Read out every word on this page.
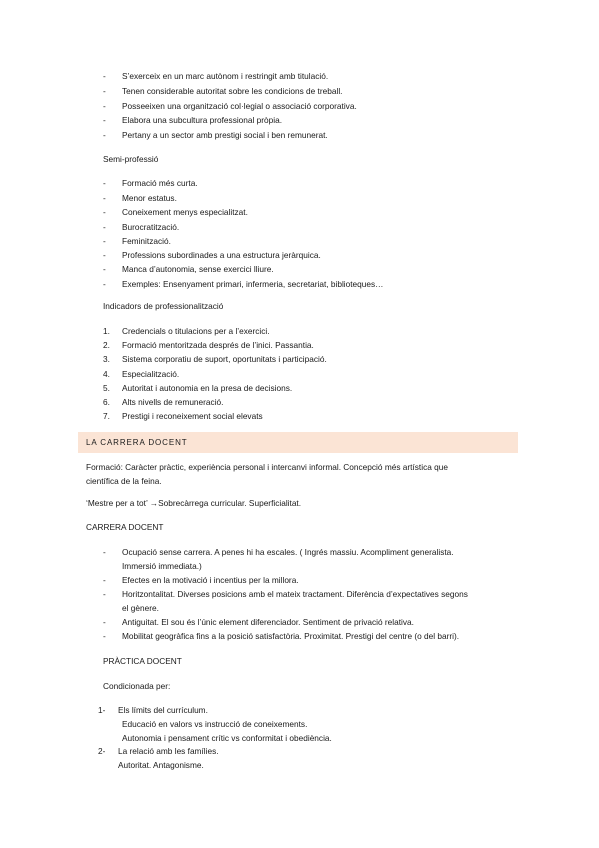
- S’exerceix en un marc autònom i restringit amb titulació.
- Tenen considerable autoritat sobre les condicions de treball.
- Posseeixen una organització col·legial o associació corporativa.
- Elabora una subcultura professional pròpia.
- Pertany a un sector amb prestigi social i ben remunerat.
Semi-professió
- Formació més curta.
- Menor estatus.
- Coneixement menys especialitzat.
- Burocratització.
- Feminització.
- Professions subordinades a una estructura jeràrquica.
- Manca d’autonomia, sense exercici lliure.
- Exemples: Ensenyament primari, infermeria, secretariat, biblioteques…
Indicadors de professionalització
1. Credencials o titulacions per a l’exercici.
2. Formació mentoritzada després de l’inici. Passantia.
3. Sistema corporatiu de suport, oportunitats i participació.
4. Especialització.
5. Autoritat i autonomia en la presa de decisions.
6. Alts nivells de remuneració.
7. Prestigi i reconeixement social elevats
LA CARRERA DOCENT
Formació: Caràcter pràctic, experiència personal i intercanvi informal. Concepció més artística que
científica de la feina.
‘Mestre per a tot’ →Sobrecàrrega curricular. Superficialitat.
CARRERA DOCENT
- Ocupació sense carrera. A penes hi ha escales. ( Ingrés massiu. Acompliment generalista.
Immersió immediata.)
- Efectes en la motivació i incentius per la millora.
- Horitzontalitat. Diverses posicions amb el mateix tractament. Diferència d’expectatives segons
el gènere.
- Antiguitat. El sou és l’únic element diferenciador. Sentiment de privació relativa.
- Mobilitat geogràfica fins a la posició satisfactòria. Proximitat. Prestigi del centre (o del barri).
PRÀCTICA DOCENT
Condicionada per:
1- Els límits del currículum.
Educació en valors vs instrucció de coneixements.
Autonomia i pensament crític vs conformitat i obediència.
2- La relació amb les famílies.
Autoritat. Antagonisme.
